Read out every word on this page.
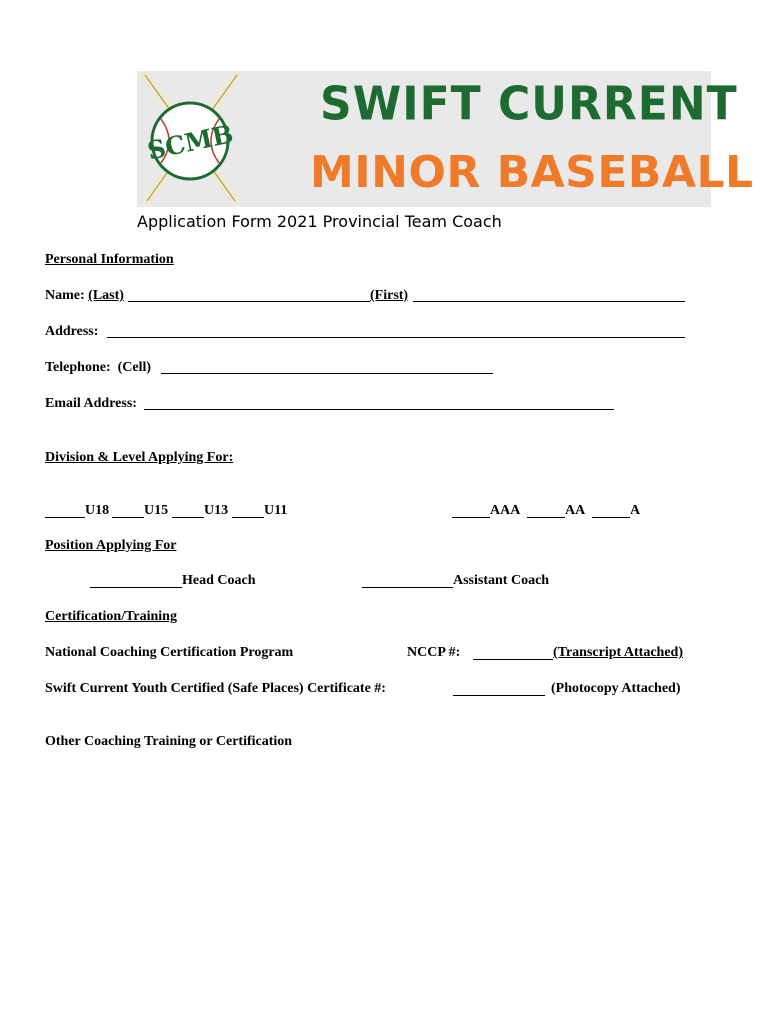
SCMB
SWIFT CURRENT
MINOR BASEBALL
Application Form 2021 Provincial Team Coach
Personal Information
Name: (Last)	(First)
Address:
Telephone: (Cell)
Email Address:
Division & Level Applying For:
U18 U15	U13	U11	AAA	AA	A
Position Applying For
Head Coach	Assistant Coach
Certification/Training
National Coaching Certification Program	NCCP #:	(Transcript Attached)
Swift Current Youth Certified (Safe Places) Certificate #:	(Photocopy Attached)
Other Coaching Training or Certification
